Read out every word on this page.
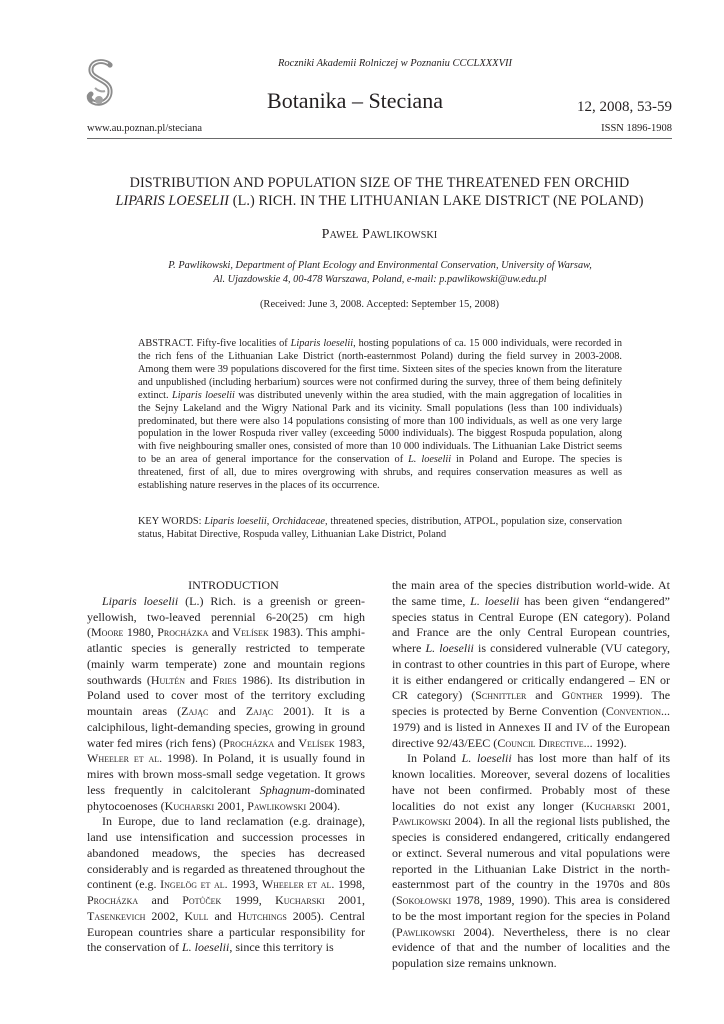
Roczniki Akademii Rolniczej w Poznaniu CCCLXXXVII
Botanika – Steciana	12, 2008, 53-59
www.au.poznan.pl/steciana	ISSN 1896-1908
DISTRIBUTION AND POPULATION SIZE OF THE THREATENED FEN ORCHID
LIPARIS LOESELII (L.) RICH. IN THE LITHUANIAN LAKE DISTRICT (NE POLAND)
Paweł Pawlikowski
P. Pawlikowski, Department of Plant Ecology and Environmental Conservation, University of Warsaw,
Al. Ujazdowskie 4, 00-478 Warszawa, Poland, e-mail: p.pawlikowski@uw.edu.pl
(Received: June 3, 2008. Accepted: September 15, 2008)
ABSTRACT. Fifty-five localities of Liparis loeselii, hosting populations of ca. 15 000 individuals, were recorded in the rich fens of the Lithuanian Lake District (north-easternmost Poland) during the field survey in 2003-2008. Among them were 39 populations discovered for the first time. Sixteen sites of the species known from the literature and unpublished (including herbarium) sources were not confirmed during the survey, three of them being definitely extinct. Liparis loeselii was distributed unevenly within the area studied, with the main aggregation of localities in the Sejny Lakeland and the Wigry National Park and its vicinity. Small populations (less than 100 individuals) predominated, but there were also 14 populations consisting of more than 100 individuals, as well as one very large population in the lower Rospuda river valley (exceeding 5000 individuals). The biggest Rospuda population, along with five neighbouring smaller ones, consisted of more than 10 000 individuals. The Lithuanian Lake District seems to be an area of general importance for the conservation of L. loeselii in Poland and Europe. The species is threatened, first of all, due to mires overgrowing with shrubs, and requires conservation measures as well as establishing nature reserves in the places of its occurrence.
KEY WORDS: Liparis loeselii, Orchidaceae, threatened species, distribution, ATPOL, population size, conservation status, Habitat Directive, Rospuda valley, Lithuanian Lake District, Poland

INTRODUCTION

Liparis loeselii (L.) Rich. is a greenish or green-yellowish, two-leaved perennial 6-20(25) cm high (Moore 1980, Procházka and Velísek 1983). This amphi-atlantic species is generally restricted to temperate (mainly warm temperate) zone and mountain regions southwards (Hultén and Fries 1986). Its distribution in Poland used to cover most of the territory excluding mountain areas (Zając and Zając 2001). It is a calciphilous, light-demanding species, growing in ground water fed mires (rich fens) (Procházka and Velísek 1983, Wheeler et al. 1998). In Poland, it is usually found in mires with brown moss-small sedge vegetation. It grows less frequently in calcitolerant Sphagnum-dominated phytocoenoses (Kucharski 2001, Pawlikowski 2004).

In Europe, due to land reclamation (e.g. drainage), land use intensification and succession processes in abandoned meadows, the species has decreased considerably and is regarded as threatened throughout the continent (e.g. Ingelög et al. 1993, Wheeler et al. 1998, Procházka and Potůček 1999, Kucharski 2001, Tasenkevich 2002, Kull and Hutchings 2005). Central European countries share a particular responsibility for the conservation of L. loeselii, since this territory is

the main area of the species distribution world-wide. At the same time, L. loeselii has been given “endangered” species status in Central Europe (EN category). Poland and France are the only Central European countries, where L. loeselii is considered vulnerable (VU category, in contrast to other countries in this part of Europe, where it is either endangered or critically endangered – EN or CR category) (Schnittler and Günther 1999). The species is protected by Berne Convention (Convention... 1979) and is listed in Annexes II and IV of the European directive 92/43/EEC (Council Directive... 1992).

In Poland L. loeselii has lost more than half of its known localities. Moreover, several dozens of localities have not been confirmed. Probably most of these localities do not exist any longer (Kucharski 2001, Pawlikowski 2004). In all the regional lists published, the species is considered endangered, critically endangered or extinct. Several numerous and vital populations were reported in the Lithuanian Lake District in the north-easternmost part of the country in the 1970s and 80s (Sokołowski 1978, 1989, 1990). This area is considered to be the most important region for the species in Poland (Pawlikowski 2004). Nevertheless, there is no clear evidence of that and the number of localities and the population size remains unknown.
